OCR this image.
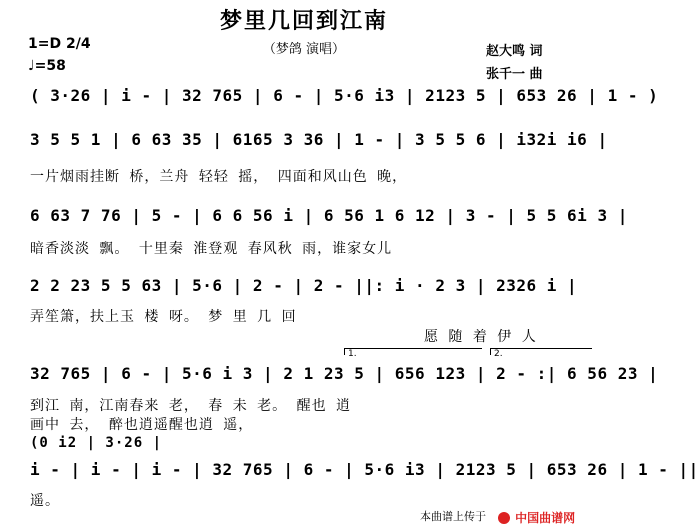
梦里几回到江南
（梦鸽 演唱）
1=D 2/4
♩=58
赵大鸣 词
张千一 曲
( 3·26 | i - | 32 765 | 6 - | 5·6 i3 | 2123 5 | 653 26 | 1 - )
3 5 5 1 | 6 63 35 | 6165 3 36 | 1 - | 3 5 5 6 | i32i i6 |
一片烟雨挂断 桥，兰舟 轻轻 摇， 四面和风山色 晚，
6 63 7 76 | 5 - | 6 6 56 i | 6 56 1 6 12 | 3 - | 5 5 6i 3 |
暗香淡淡 飘。 十里秦 淮登观 春风秋 雨，谁家女儿
2 2 23 5 5 63 | 5·6 | 2 - | 2 - ||: i · 2 3 | 2326 i |
弄笙箫，扶上玉 楼 呀。 梦 里 几 回
愿 随 着 伊 人
1.	2.
32 765 | 6 - | 5·6 i 3 | 2 1 23 5 | 656 123 | 2 - :| 6 56 23 |
到江 南，江南春来 老， 春 未 老。 醒也 逍
画中 去， 醉也逍遥醒也逍 遥，
(0 i2 | 3·26 |
i - | i - | i - | 32 765 | 6 - | 5·6 i3 | 2123 5 | 653 26 | 1 - ||
遥。
本曲谱上传于	中国曲谱网
